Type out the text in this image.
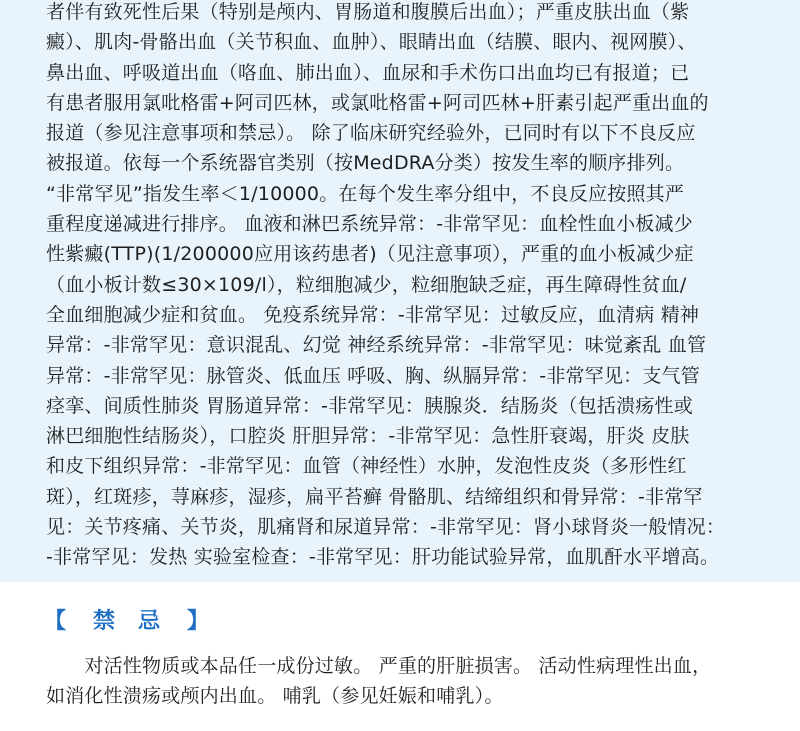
者伴有致死性后果（特别是颅内、胃肠道和腹膜后出血）；严重皮肤出血（紫
癜）、肌肉-骨骼出血（关节积血、血肿）、眼睛出血（结膜、眼内、视网膜）、
鼻出血、呼吸道出血（咯血、肺出血）、血尿和手术伤口出血均已有报道；已
有患者服用氯吡格雷+阿司匹林，或氯吡格雷+阿司匹林+肝素引起严重出血的
报道（参见注意事项和禁忌）。 除了临床研究经验外，已同时有以下不良反应
被报道。依每一个系统器官类别（按MedDRA分类）按发生率的顺序排列。
“非常罕见”指发生率＜1/10000。在每个发生率分组中，不良反应按照其严
重程度递减进行排序。 血液和淋巴系统异常：-非常罕见：血栓性血小板减少
性紫癜(TTP)(1/200000应用该药患者)（见注意事项），严重的血小板减少症
（血小板计数≤30×109/l），粒细胞减少，粒细胞缺乏症，再生障碍性贫血/
全血细胞减少症和贫血。 免疫系统异常：-非常罕见：过敏反应，血清病 精神
异常：-非常罕见：意识混乱、幻觉 神经系统异常：-非常罕见：味觉紊乱 血管
异常：-非常罕见：脉管炎、低血压 呼吸、胸、纵膈异常：-非常罕见：支气管
痉挛、间质性肺炎 胃肠道异常：-非常罕见：胰腺炎．结肠炎（包括溃疡性或
淋巴细胞性结肠炎），口腔炎 肝胆异常：-非常罕见：急性肝衰竭，肝炎 皮肤
和皮下组织异常：-非常罕见：血管（神经性）水肿，发泡性皮炎（多形性红
斑），红斑疹，荨麻疹，湿疹，扁平苔癣 骨骼肌、结缔组织和骨异常：-非常罕
见：关节疼痛、关节炎，肌痛肾和尿道异常：-非常罕见：肾小球肾炎一般情况：
-非常罕见：发热 实验室检查：-非常罕见：肝功能试验异常，血肌酐水平增高。

【 禁 忌 】

　　对活性物质或本品任一成份过敏。 严重的肝脏损害。 活动性病理性出血，
如消化性溃疡或颅内出血。 哺乳（参见妊娠和哺乳）。
